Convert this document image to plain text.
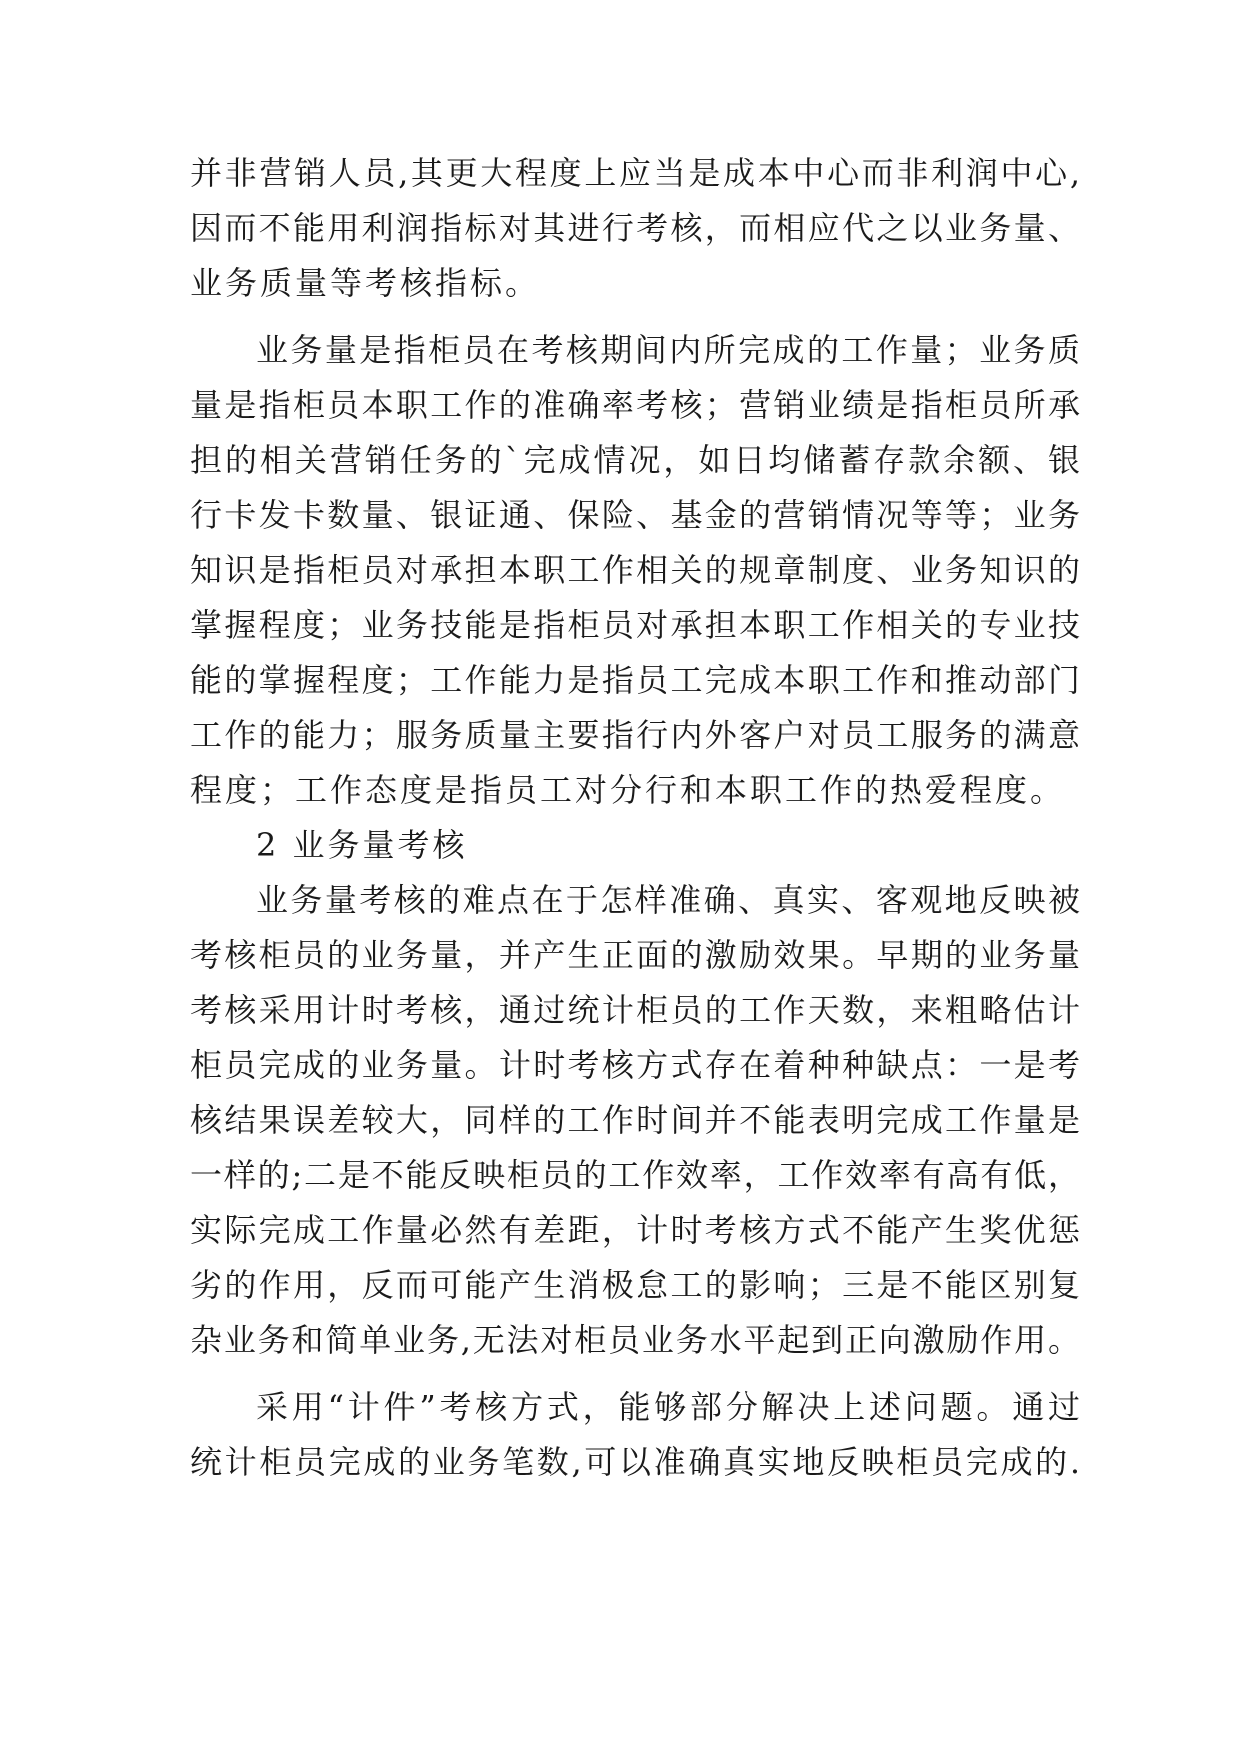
并非营销人员,其更大程度上应当是成本中心而非利润中心,
因而不能用利润指标对其进行考核，而相应代之以业务量、
业务质量等考核指标。
业务量是指柜员在考核期间内所完成的工作量；业务质
量是指柜员本职工作的准确率考核；营销业绩是指柜员所承
担的相关营销任务的`完成情况，如日均储蓄存款余额、银
行卡发卡数量、银证通、保险、基金的营销情况等等；业务
知识是指柜员对承担本职工作相关的规章制度、业务知识的
掌握程度；业务技能是指柜员对承担本职工作相关的专业技
能的掌握程度；工作能力是指员工完成本职工作和推动部门
工作的能力；服务质量主要指行内外客户对员工服务的满意
程度；工作态度是指员工对分行和本职工作的热爱程度。
2 业务量考核
业务量考核的难点在于怎样准确、真实、客观地反映被
考核柜员的业务量，并产生正面的激励效果。早期的业务量
考核采用计时考核，通过统计柜员的工作天数，来粗略估计
柜员完成的业务量。计时考核方式存在着种种缺点：一是考
核结果误差较大，同样的工作时间并不能表明完成工作量是
一样的;二是不能反映柜员的工作效率，工作效率有高有低，
实际完成工作量必然有差距，计时考核方式不能产生奖优惩
劣的作用，反而可能产生消极怠工的影响；三是不能区别复
杂业务和简单业务,无法对柜员业务水平起到正向激励作用。
采用“计件”考核方式，能够部分解决上述问题。通过
统计柜员完成的业务笔数,可以准确真实地反映柜员完成的.
